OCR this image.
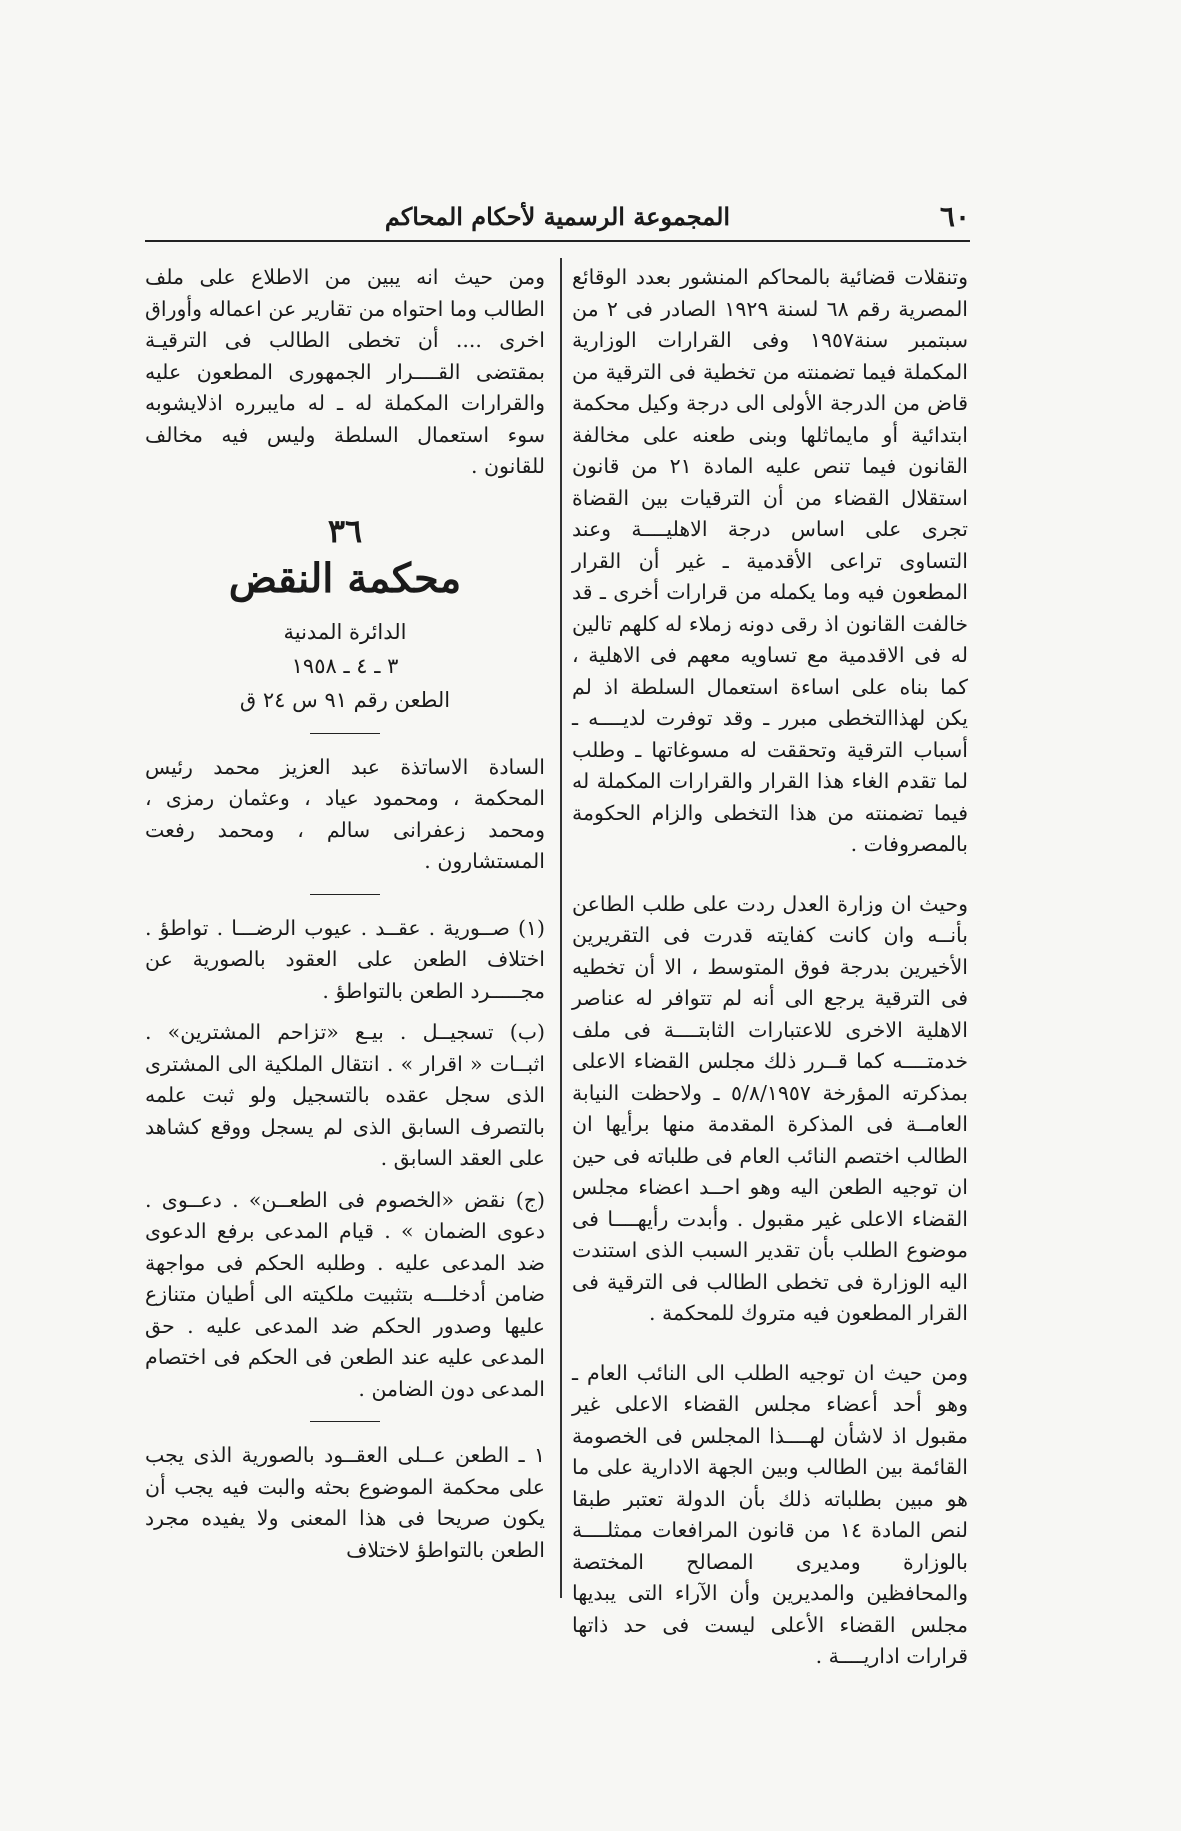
٦٠
المجموعة الرسمية لأحكام المحاكم

وتنقلات قضائية بالمحاكم المنشور بعدد الوقائع المصرية رقم ٦٨ لسنة ١٩٢٩ الصادر فى ٢ من سبتمبر سنة١٩٥٧ وفى القرارات الوزارية المكملة فيما تضمنته من تخطية فى الترقية من قاض من الدرجة الأولى الى درجة وكيل محكمة ابتدائية أو مايماثلها وبنى طعنه على مخالفة القانون فيما تنص عليه المادة ٢١ من قانون استقلال القضاء من أن الترقيات بين القضاة تجرى على اساس درجة الاهليــــة وعند التساوى تراعى الأقدمية ـ غير أن القرار المطعون فيه وما يكمله من قرارات أخرى ـ قد خالفت القانون اذ رقى دونه زملاء له كلهم تالين له فى الاقدمية مع تساويه معهم فى الاهلية ، كما بناه على اساءة استعمال السلطة اذ لم يكن لهذاالتخطى مبرر ـ وقد توفرت لديــــه ـ أسباب الترقية وتحققت له مسوغاتها ـ وطلب لما تقدم الغاء هذا القرار والقرارات المكملة له فيما تضمنته من هذا التخطى والزام الحكومة بالمصروفات .

وحيث ان وزارة العدل ردت على طلب الطاعن بأنــه وان كانت كفايته قدرت فى التقريرين الأخيرين بدرجة فوق المتوسط ، الا أن تخطيه فى الترقية يرجع الى أنه لم تتوافر له عناصر الاهلية الاخرى للاعتبارات الثابتــــة فى ملف خدمتــــه كما قــرر ذلك مجلس القضاء الاعلى بمذكرته المؤرخة ٥/٨/١٩٥٧ ـ ولاحظت النيابة العامــة فى المذكرة المقدمة منها برأيها ان الطالب اختصم النائب العام فى طلباته فى حين ان توجيه الطعن اليه وهو احــد اعضاء مجلس القضاء الاعلى غير مقبول . وأبدت رأيهــــا فى موضوع الطلب بأن تقدير السبب الذى استندت اليه الوزارة فى تخطى الطالب فى الترقية فى القرار المطعون فيه متروك للمحكمة .

ومن حيث ان توجيه الطلب الى النائب العام ـ وهو أحد أعضاء مجلس القضاء الاعلى غير مقبول اذ لاشأن لهــــذا المجلس فى الخصومة القائمة بين الطالب وبين الجهة الادارية على ما هو مبين بطلباته ذلك بأن الدولة تعتبر طبقا لنص المادة ١٤ من قانون المرافعات ممثلــــة بالوزارة ومديرى المصالح المختصة والمحافظين والمديرين وأن الآراء التى يبديها مجلس القضاء الأعلى ليست فى حد ذاتها قرارات اداريــــة .

ومن حيث انه يبين من الاطلاع على ملف الطالب وما احتواه من تقارير عن اعماله وأوراق اخرى .... أن تخطى الطالب فى الترقيـة بمقتضى القــــرار الجمهورى المطعون عليه والقرارات المكملة له ـ له مايبرره اذلايشوبه سوء استعمال السلطة وليس فيه مخالف للقانون .

٣٦
محكمة النقض
الدائرة المدنية
٣ ـ ٤ ـ ١٩٥٨
الطعن رقم ٩١ س ٢٤ ق

السادة الاساتذة عبد العزيز محمد رئيس المحكمة ، ومحمود عياد ، وعثمان رمزى ، ومحمد زعفرانى سالم ، ومحمد رفعت المستشارون .

(١) صــورية . عقــد . عيوب الرضـــا . تواطؤ . اختلاف الطعن على العقود بالصورية عن مجـــــرد الطعن بالتواطؤ .

(ب) تسجيــل . بيـع «تزاحم المشترين» . اثبــات « اقرار » . انتقال الملكية الى المشترى الذى سجل عقده بالتسجيل ولو ثبت علمه بالتصرف السابق الذى لم يسجل ووقع كشاهد على العقد السابق .

(ج) نقض «الخصوم فى الطعــن» . دعــوى . دعوى الضمان » . قيام المدعى برفع الدعوى ضد المدعى عليه . وطلبه الحكم فى مواجهة ضامن أدخلـــه بتثبيت ملكيته الى أطيان متنازع عليها وصدور الحكم ضد المدعى عليه . حق المدعى عليه عند الطعن فى الحكم فى اختصام المدعى دون الضامن .

١ ـ الطعن عــلى العقــود بالصورية الذى يجب على محكمة الموضوع بحثه والبت فيه يجب أن يكون صريحا فى هذا المعنى ولا يفيده مجرد الطعن بالتواطؤ لاختلاف
